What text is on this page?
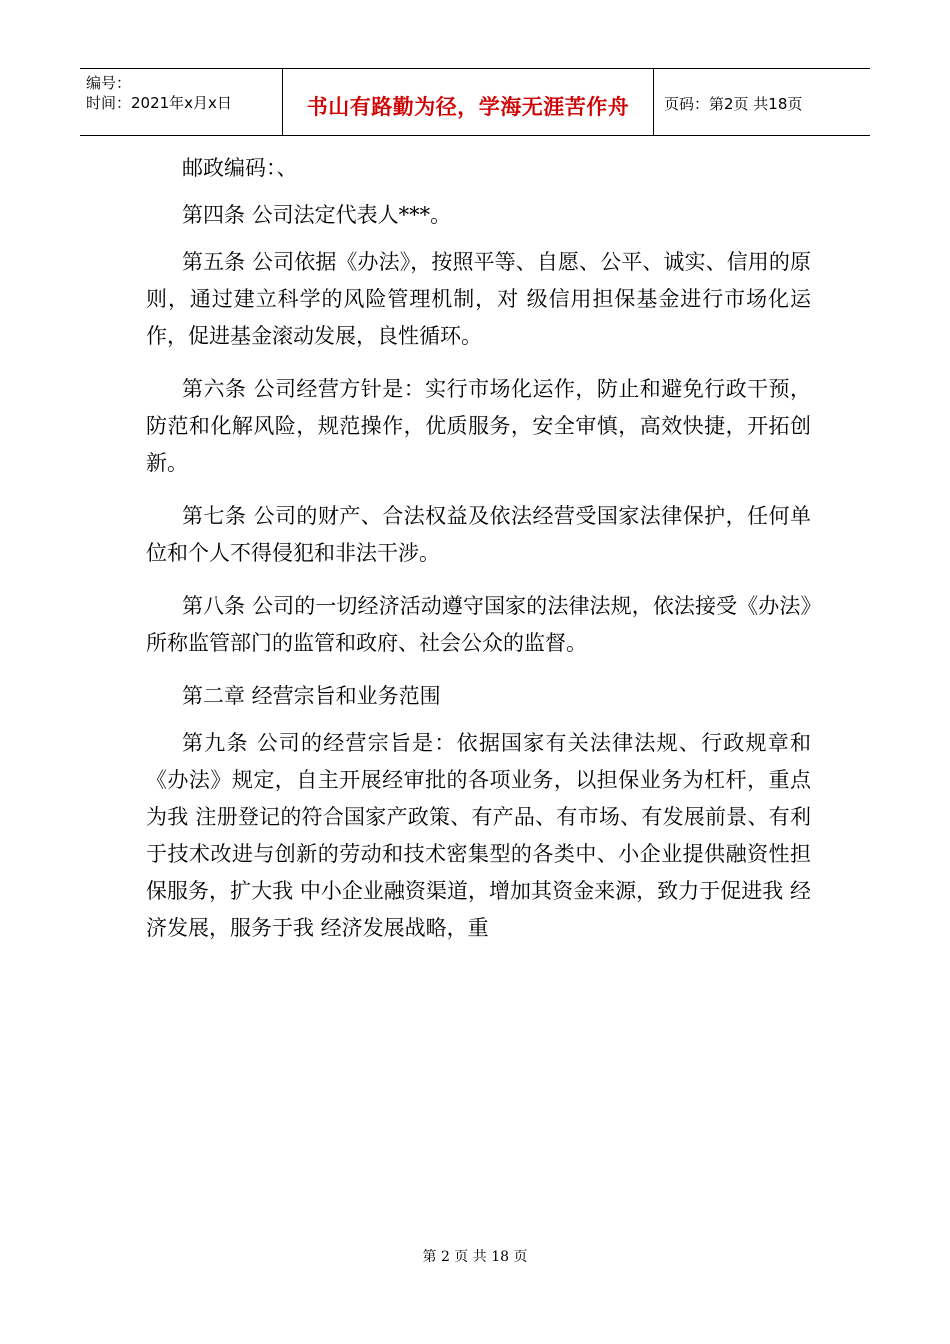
编号：
时间：2021年x月x日	书山有路勤为径，学海无涯苦作舟 页码：第2页 共18页

邮政编码：、

第四条 公司法定代表人***。

第五条 公司依据《办法》，按照平等、自愿、公平、诚实、信用的原则，通过建立科学的风险管理机制，对 级信用担保基金进行市场化运作，促进基金滚动发展，良性循环。

第六条 公司经营方针是：实行市场化运作，防止和避免行政干预，防范和化解风险，规范操作，优质服务，安全审慎，高效快捷，开拓创新。

第七条 公司的财产、合法权益及依法经营受国家法律保护，任何单位和个人不得侵犯和非法干涉。

第八条 公司的一切经济活动遵守国家的法律法规，依法接受《办法》所称监管部门的监管和政府、社会公众的监督。

第二章 经营宗旨和业务范围

第九条 公司的经营宗旨是：依据国家有关法律法规、行政规章和《办法》规定，自主开展经审批的各项业务，以担保业务为杠杆，重点为我 注册登记的符合国家产政策、有产品、有市场、有发展前景、有利于技术改进与创新的劳动和技术密集型的各类中、小企业提供融资性担保服务，扩大我 中小企业融资渠道，增加其资金来源，致力于促进我 经济发展，服务于我 经济发展战略，重

第 2 页 共 18 页
